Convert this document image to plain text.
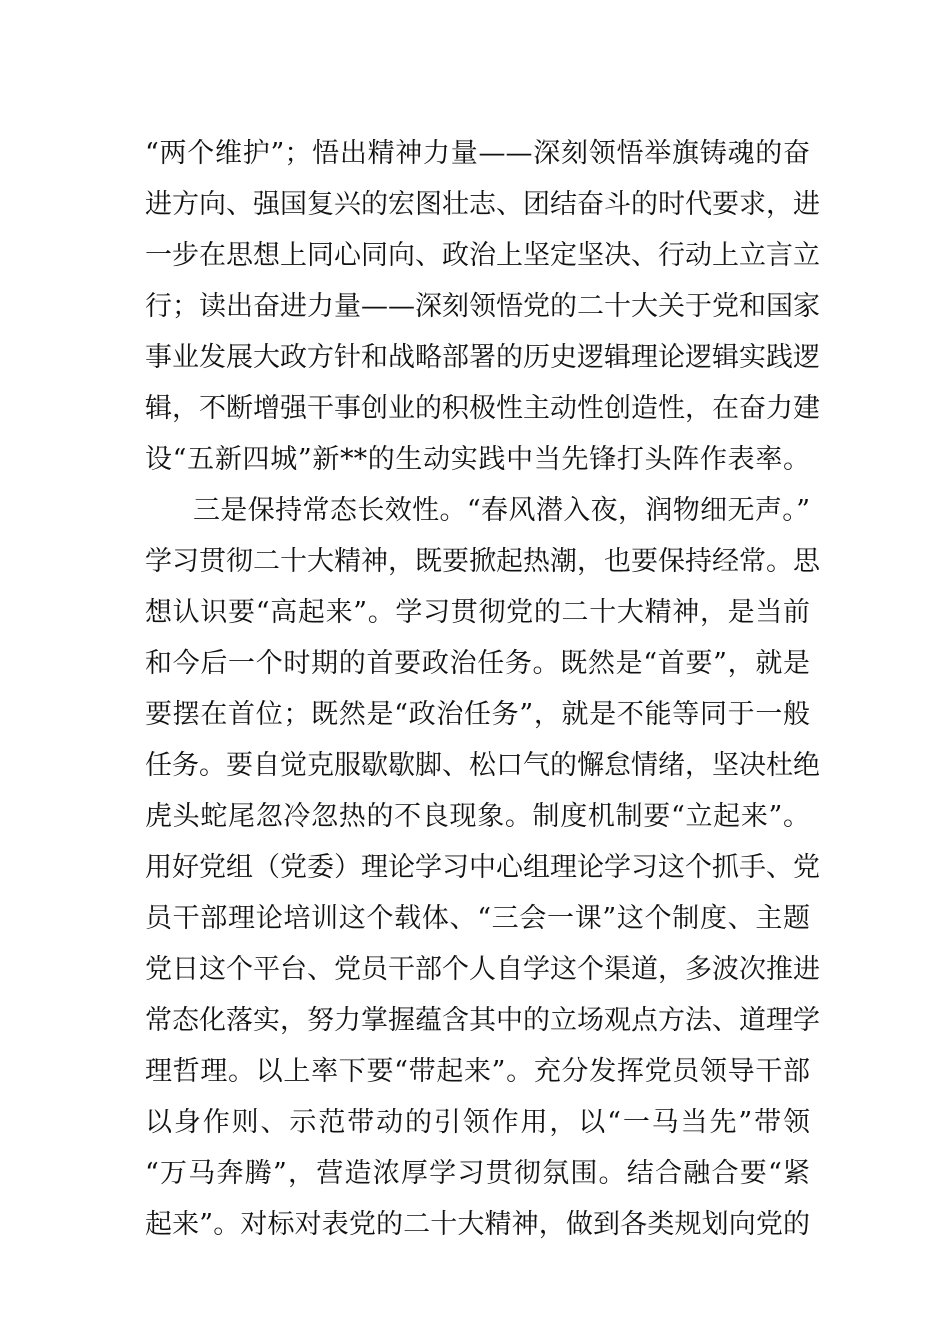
“两个维护”；悟出精神力量——深刻领悟举旗铸魂的奋
进方向、强国复兴的宏图壮志、团结奋斗的时代要求，进
一步在思想上同心同向、政治上坚定坚决、行动上立言立
行；读出奋进力量——深刻领悟党的二十大关于党和国家
事业发展大政方针和战略部署的历史逻辑理论逻辑实践逻
辑，不断增强干事创业的积极性主动性创造性，在奋力建
设“五新四城”新**的生动实践中当先锋打头阵作表率。
三是保持常态长效性。“春风潜入夜，润物细无声。”
学习贯彻二十大精神，既要掀起热潮，也要保持经常。思
想认识要“高起来”。学习贯彻党的二十大精神，是当前
和今后一个时期的首要政治任务。既然是“首要”，就是
要摆在首位；既然是“政治任务”，就是不能等同于一般
任务。要自觉克服歇歇脚、松口气的懈怠情绪，坚决杜绝
虎头蛇尾忽冷忽热的不良现象。制度机制要“立起来”。
用好党组（党委）理论学习中心组理论学习这个抓手、党
员干部理论培训这个载体、“三会一课”这个制度、主题
党日这个平台、党员干部个人自学这个渠道，多波次推进
常态化落实，努力掌握蕴含其中的立场观点方法、道理学
理哲理。以上率下要“带起来”。充分发挥党员领导干部
以身作则、示范带动的引领作用，以“一马当先”带领
“万马奔腾”，营造浓厚学习贯彻氛围。结合融合要“紧
起来”。对标对表党的二十大精神，做到各类规划向党的
